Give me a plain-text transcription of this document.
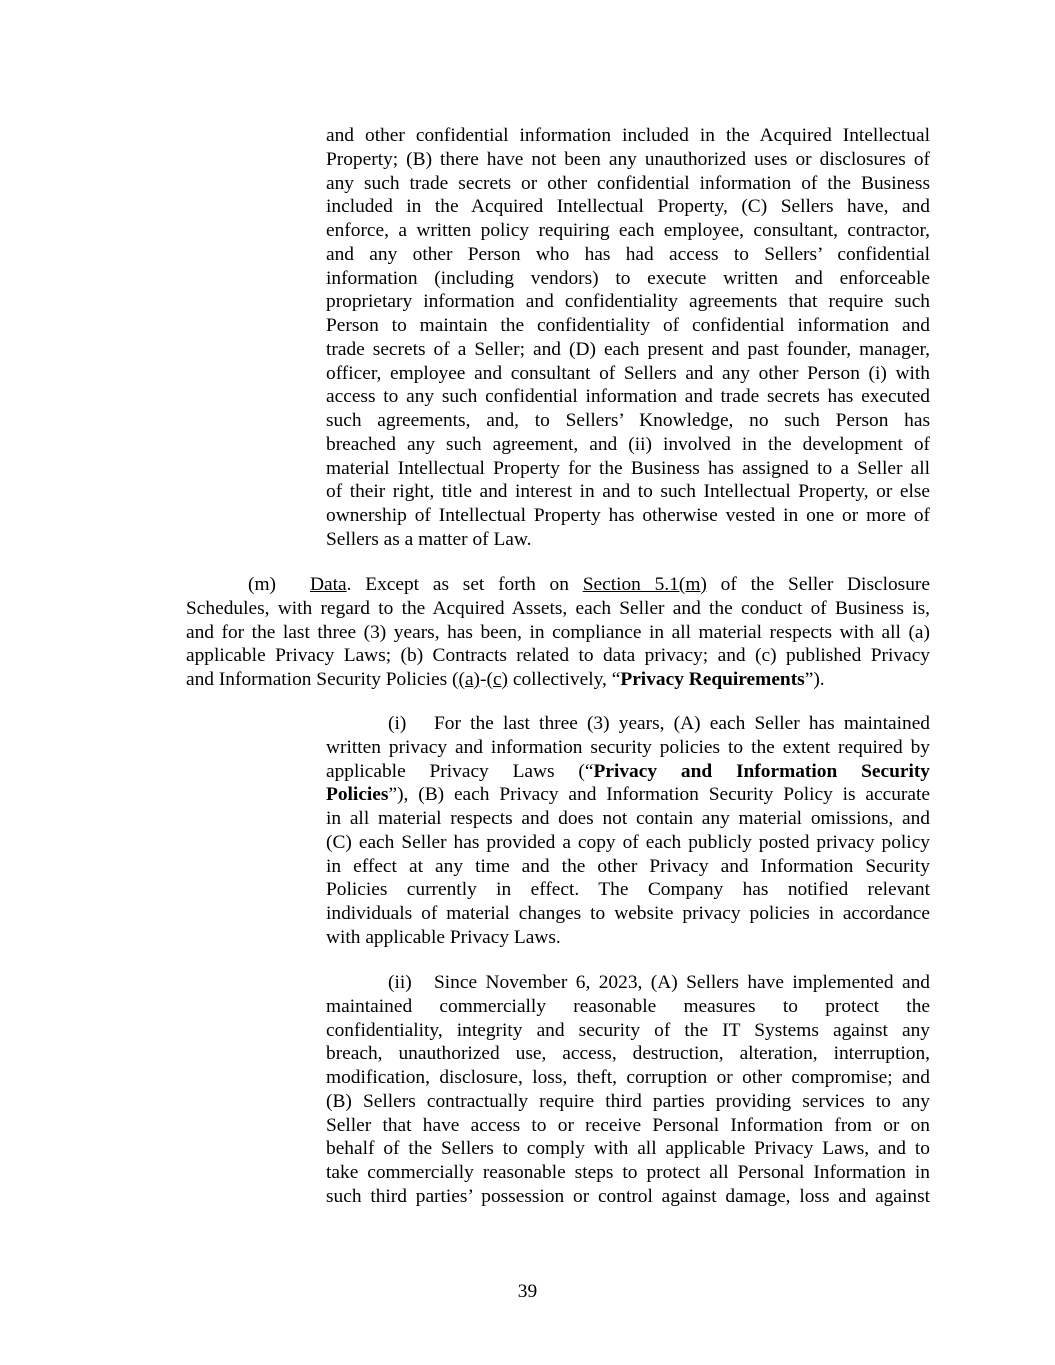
and other confidential information included in the Acquired Intellectual
Property; (B) there have not been any unauthorized uses or disclosures of
any such trade secrets or other confidential information of the Business
included in the Acquired Intellectual Property, (C) Sellers have, and
enforce, a written policy requiring each employee, consultant, contractor,
and any other Person who has had access to Sellers’ confidential
information (including vendors) to execute written and enforceable
proprietary information and confidentiality agreements that require such
Person to maintain the confidentiality of confidential information and
trade secrets of a Seller; and (D) each present and past founder, manager,
officer, employee and consultant of Sellers and any other Person (i) with
access to any such confidential information and trade secrets has executed
such agreements, and, to Sellers’ Knowledge, no such Person has
breached any such agreement, and (ii) involved in the development of
material Intellectual Property for the Business has assigned to a Seller all
of their right, title and interest in and to such Intellectual Property, or else
ownership of Intellectual Property has otherwise vested in one or more of
Sellers as a matter of Law.
(m) Data. Except as set forth on Section 5.1(m) of the Seller Disclosure
Schedules, with regard to the Acquired Assets, each Seller and the conduct of Business is,
and for the last three (3) years, has been, in compliance in all material respects with all (a)
applicable Privacy Laws; (b) Contracts related to data privacy; and (c) published Privacy
and Information Security Policies ((a)-(c) collectively, “Privacy Requirements”).
(i) For the last three (3) years, (A) each Seller has maintained
written privacy and information security policies to the extent required by
applicable Privacy Laws (“Privacy and Information Security
Policies”), (B) each Privacy and Information Security Policy is accurate
in all material respects and does not contain any material omissions, and
(C) each Seller has provided a copy of each publicly posted privacy policy
in effect at any time and the other Privacy and Information Security
Policies currently in effect. The Company has notified relevant
individuals of material changes to website privacy policies in accordance
with applicable Privacy Laws.
(ii) Since November 6, 2023, (A) Sellers have implemented and
maintained commercially reasonable measures to protect the
confidentiality, integrity and security of the IT Systems against any
breach, unauthorized use, access, destruction, alteration, interruption,
modification, disclosure, loss, theft, corruption or other compromise; and
(B) Sellers contractually require third parties providing services to any
Seller that have access to or receive Personal Information from or on
behalf of the Sellers to comply with all applicable Privacy Laws, and to
take commercially reasonable steps to protect all Personal Information in
such third parties’ possession or control against damage, loss and against
39
